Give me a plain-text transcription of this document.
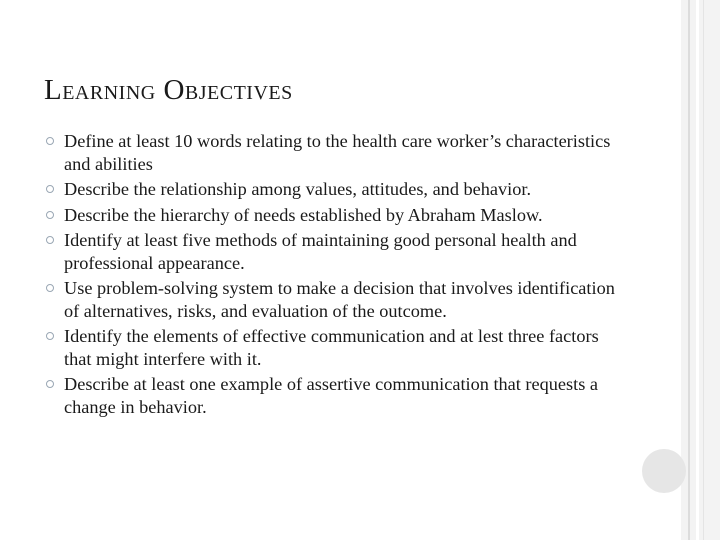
Learning Objectives
Define at least 10 words relating to the health care worker’s characteristics and abilities
Describe the relationship among values, attitudes, and behavior.
Describe the hierarchy of needs established by Abraham Maslow.
Identify at least five methods of maintaining good personal health and professional appearance.
Use problem-solving system to make a decision that involves identification of alternatives, risks, and evaluation of the outcome.
Identify the elements of effective communication and at lest three factors that might interfere with it.
Describe at least one example of assertive communication that requests a change in behavior.
